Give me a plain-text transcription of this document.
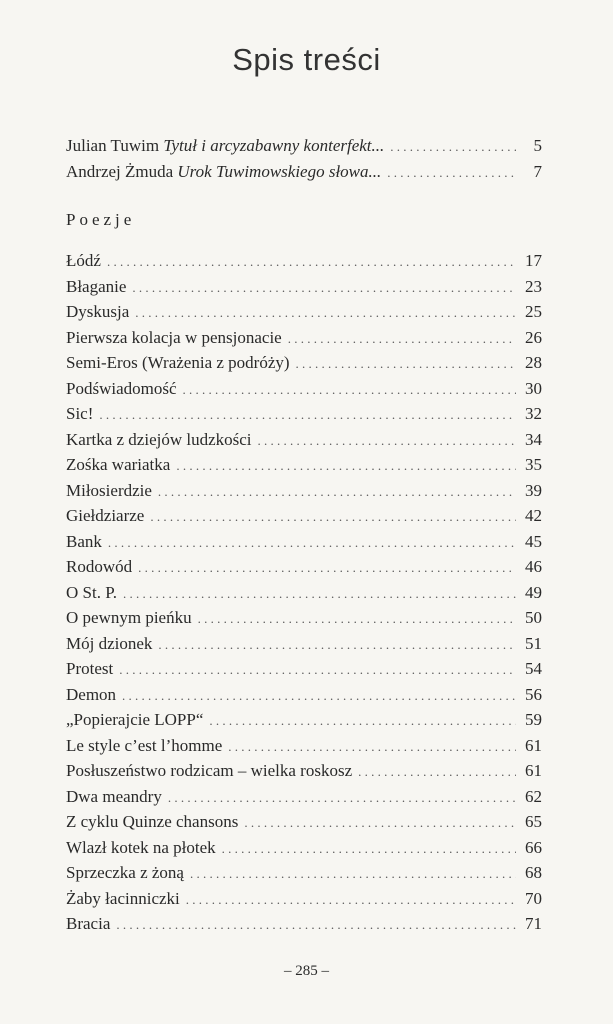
Spis treści
Julian Tuwim Tytuł i arcyzabawny konterfekt... . . .	5
Andrzej Żmuda Urok Tuwimowskiego słowa... . . .	7
Poezje
Łódź . . .	17
Błaganie . . .	23
Dyskusja . . .	25
Pierwsza kolacja w pensjonacie . . .	26
Semi-Eros (Wrażenia z podróży) . . .	28
Podświadomość . . .	30
Sic! . . .	32
Kartka z dziejów ludzkości . . .	34
Zośka wariatka . . .	35
Miłosierdzie . . .	39
Giełdziarze . . .	42
Bank . . .	45
Rodowód . . .	46
O St. P. . . .	49
O pewnym pieńku . . .	50
Mój dzionek . . .	51
Protest . . .	54
Demon . . .	56
„Popierajcie LOPP“ . . .	59
Le style c’est l’homme . . .	61
Posłuszeństwo rodzicam – wielka roskosz . . .	61
Dwa meandry . . .	62
Z cyklu Quinze chansons . . .	65
Wlazł kotek na płotek . . .	66
Sprzeczka z żoną . . .	68
Żaby łacinniczki . . .	70
Bracia . . .	71
– 285 –
